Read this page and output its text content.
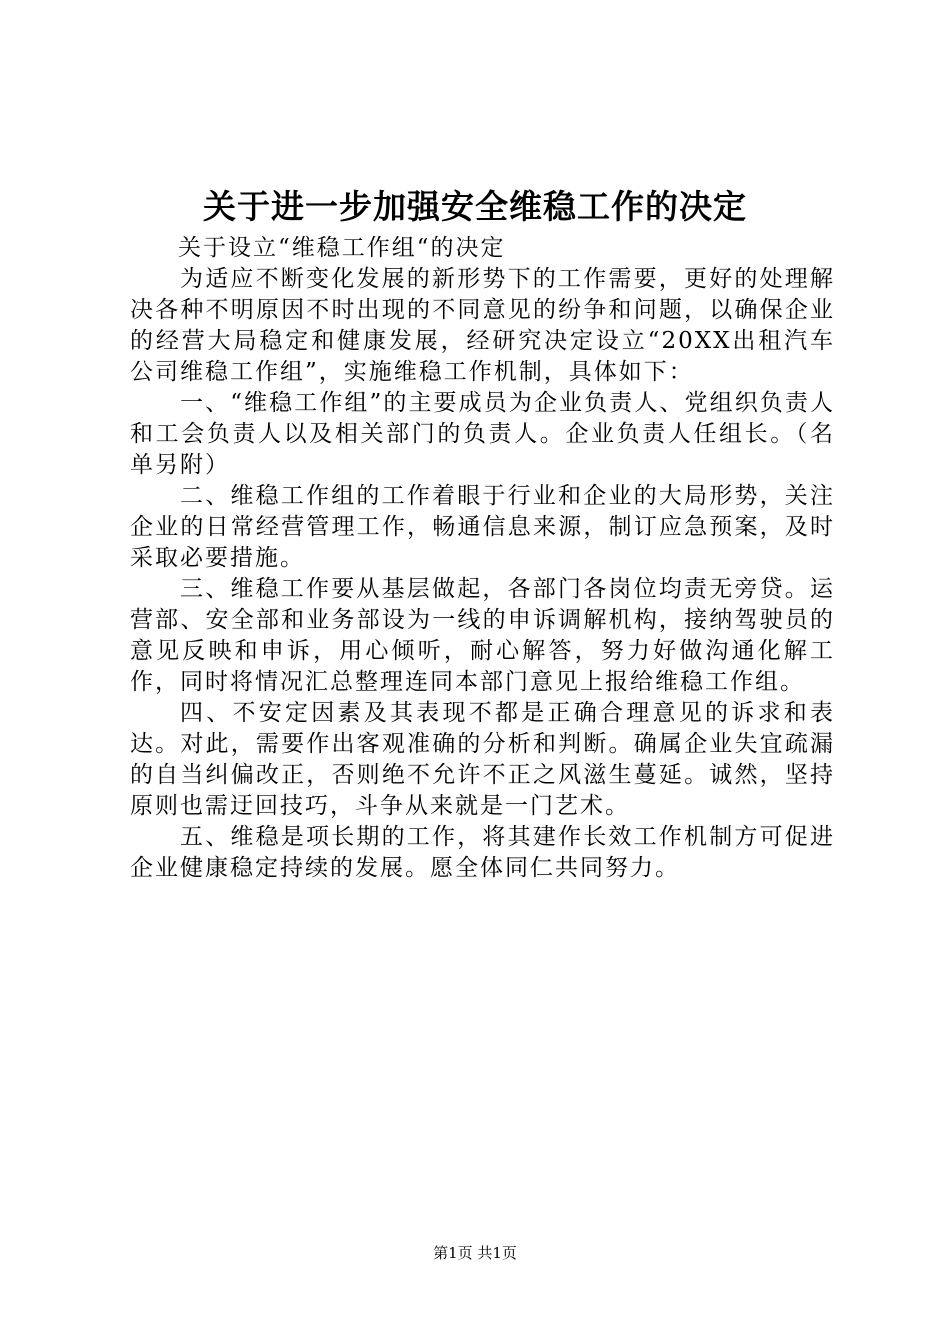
关于进一步加强安全维稳工作的决定

关于设立“维稳工作组“的决定

为适应不断变化发展的新形势下的工作需要，更好的处理解决各种不明原因不时出现的不同意见的纷争和问题，以确保企业的经营大局稳定和健康发展，经研究决定设立“20XX出租汽车公司维稳工作组”，实施维稳工作机制，具体如下：

一、“维稳工作组”的主要成员为企业负责人、党组织负责人和工会负责人以及相关部门的负责人。企业负责人任组长。（名单另附）

二、维稳工作组的工作着眼于行业和企业的大局形势，关注企业的日常经营管理工作，畅通信息来源，制订应急预案，及时采取必要措施。

三、维稳工作要从基层做起，各部门各岗位均责无旁贷。运营部、安全部和业务部设为一线的申诉调解机构，接纳驾驶员的意见反映和申诉，用心倾听，耐心解答，努力好做沟通化解工作，同时将情况汇总整理连同本部门意见上报给维稳工作组。

四、不安定因素及其表现不都是正确合理意见的诉求和表达。对此，需要作出客观准确的分析和判断。确属企业失宜疏漏的自当纠偏改正，否则绝不允许不正之风滋生蔓延。诚然，坚持原则也需迂回技巧，斗争从来就是一门艺术。

五、维稳是项长期的工作，将其建作长效工作机制方可促进企业健康稳定持续的发展。愿全体同仁共同努力。

第1页 共1页
